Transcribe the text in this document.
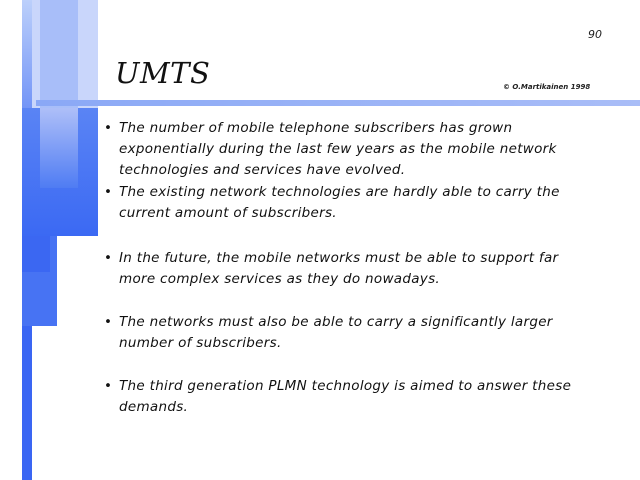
90
UMTS	© O.Martikainen 1998
• The number of mobile telephone subscribers has grown exponentially during the last few years as the mobile network technologies and services have evolved.
• The existing network technologies are hardly able to carry the current amount of subscribers.
• In the future, the mobile networks must be able to support far more complex services as they do nowadays.
• The networks must also be able to carry a significantly larger number of subscribers.
• The third generation PLMN technology is aimed to answer these demands.
